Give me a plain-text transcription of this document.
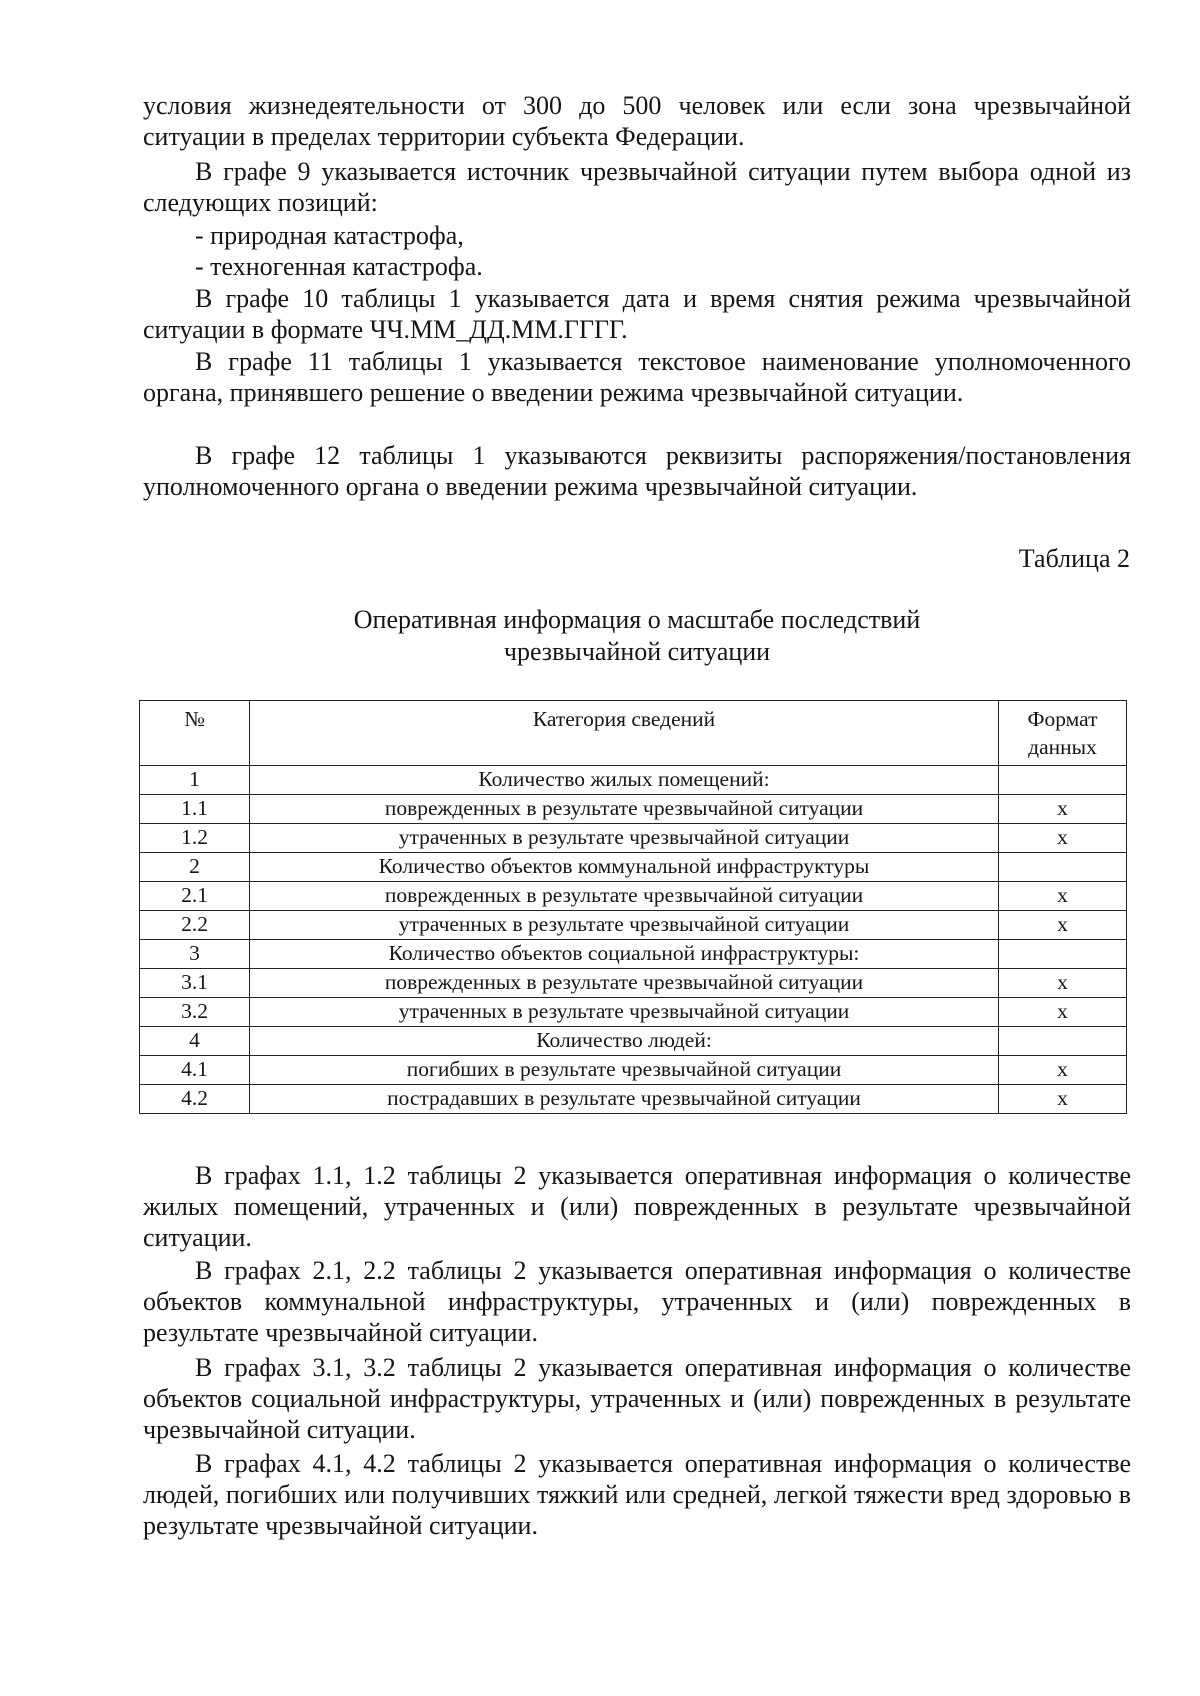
условия жизнедеятельности от 300 до 500 человек или если зона чрезвычайной ситуации в пределах территории субъекта Федерации.

В графе 9 указывается источник чрезвычайной ситуации путем выбора одной из следующих позиций:

- природная катастрофа,

- техногенная катастрофа.

В графе 10 таблицы 1 указывается дата и время снятия режима чрезвычайной ситуации в формате ЧЧ.ММ_ДД.ММ.ГГГГ.

В графе 11 таблицы 1 указывается текстовое наименование уполномоченного органа, принявшего решение о введении режима чрезвычайной ситуации.

В графе 12 таблицы 1 указываются реквизиты распоряжения/постановления уполномоченного органа о введении режима чрезвычайной ситуации.

Таблица 2
Оперативная информация о масштабе последствий
чрезвычайной ситуации
№	Категория сведений	Формат
данных

1	Количество жилых помещений:	
1.1	поврежденных в результате чрезвычайной ситуации	x
1.2	утраченных в результате чрезвычайной ситуации	x
2	Количество объектов коммунальной инфраструктуры	
2.1	поврежденных в результате чрезвычайной ситуации	x
2.2	утраченных в результате чрезвычайной ситуации	x
3	Количество объектов социальной инфраструктуры:	
3.1	поврежденных в результате чрезвычайной ситуации	x
3.2	утраченных в результате чрезвычайной ситуации	x
4	Количество людей:	
4.1	погибших в результате чрезвычайной ситуации	x
4.2	пострадавших в результате чрезвычайной ситуации	x

В графах 1.1, 1.2 таблицы 2 указывается оперативная информация о количестве жилых помещений, утраченных и (или) поврежденных в результате чрезвычайной ситуации.

В графах 2.1, 2.2 таблицы 2 указывается оперативная информация о количестве объектов коммунальной инфраструктуры, утраченных и (или) поврежденных в результате чрезвычайной ситуации.

В графах 3.1, 3.2 таблицы 2 указывается оперативная информация о количестве объектов социальной инфраструктуры, утраченных и (или) поврежденных в результате чрезвычайной ситуации.

В графах 4.1, 4.2 таблицы 2 указывается оперативная информация о количестве людей, погибших или получивших тяжкий или средней, легкой тяжести вред здоровью в результате чрезвычайной ситуации.
